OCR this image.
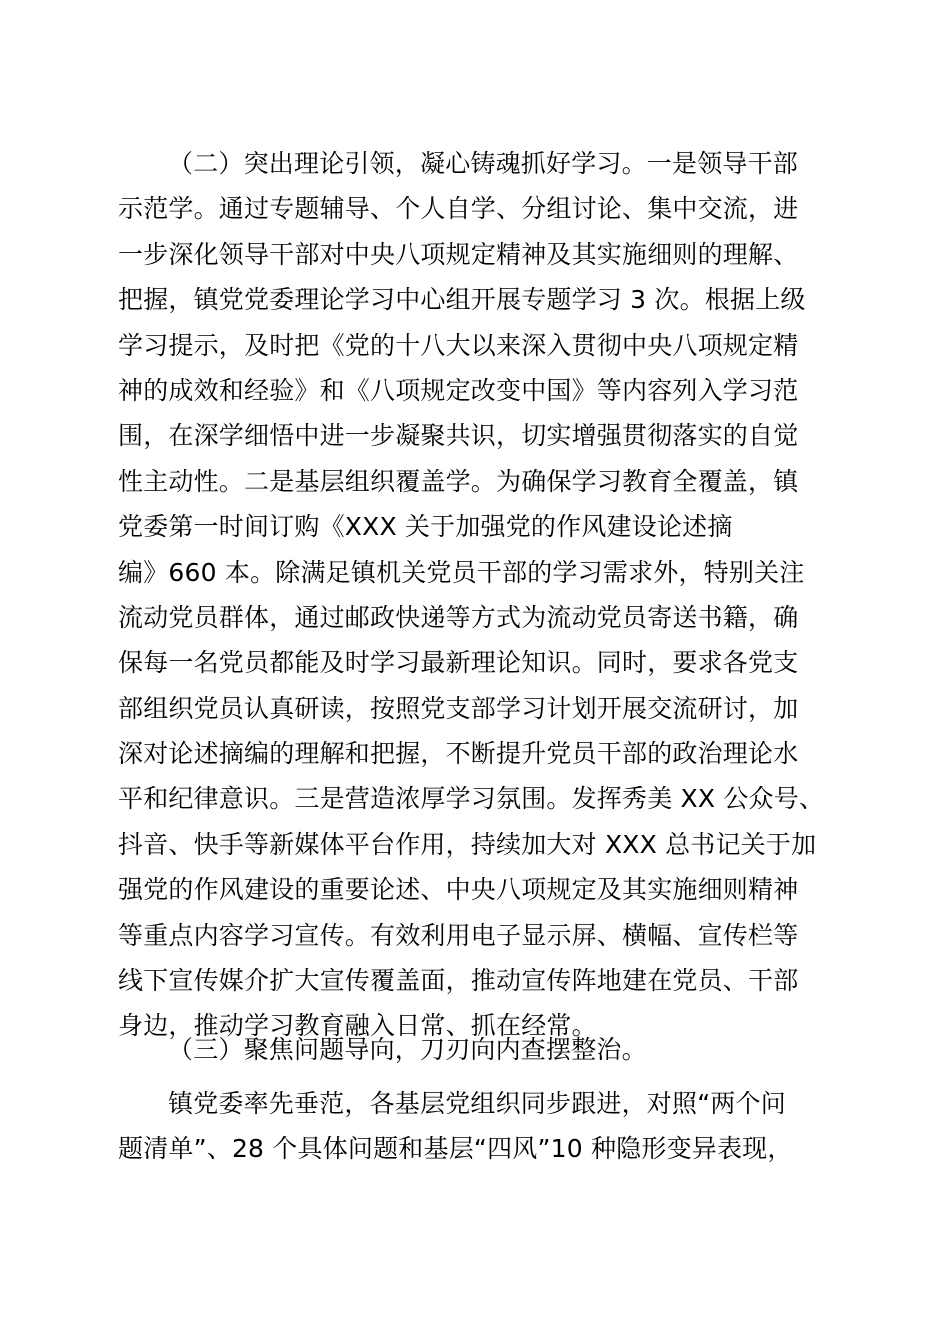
（二）突出理论引领，凝心铸魂抓好学习。一是领导干部
示范学。通过专题辅导、个人自学、分组讨论、集中交流，进
一步深化领导干部对中央八项规定精神及其实施细则的理解、
把握，镇党党委理论学习中心组开展专题学习 3 次。根据上级
学习提示，及时把《党的十八大以来深入贯彻中央八项规定精
神的成效和经验》和《八项规定改变中国》等内容列入学习范
围，在深学细悟中进一步凝聚共识，切实增强贯彻落实的自觉
性主动性。二是基层组织覆盖学。为确保学习教育全覆盖，镇
党委第一时间订购《XXX 关于加强党的作风建设论述摘
编》660 本。除满足镇机关党员干部的学习需求外，特别关注
流动党员群体，通过邮政快递等方式为流动党员寄送书籍，确
保每一名党员都能及时学习最新理论知识。同时，要求各党支
部组织党员认真研读，按照党支部学习计划开展交流研讨，加
深对论述摘编的理解和把握，不断提升党员干部的政治理论水
平和纪律意识。三是营造浓厚学习氛围。发挥秀美 XX 公众号、
抖音、快手等新媒体平台作用，持续加大对 XXX 总书记关于加
强党的作风建设的重要论述、中央八项规定及其实施细则精神
等重点内容学习宣传。有效利用电子显示屏、横幅、宣传栏等
线下宣传媒介扩大宣传覆盖面，推动宣传阵地建在党员、干部
身边，推动学习教育融入日常、抓在经常。
（三）聚焦问题导向，刀刃向内查摆整治。
镇党委率先垂范，各基层党组织同步跟进，对照“两个问
题清单”、28 个具体问题和基层“四风”10 种隐形变异表现，
